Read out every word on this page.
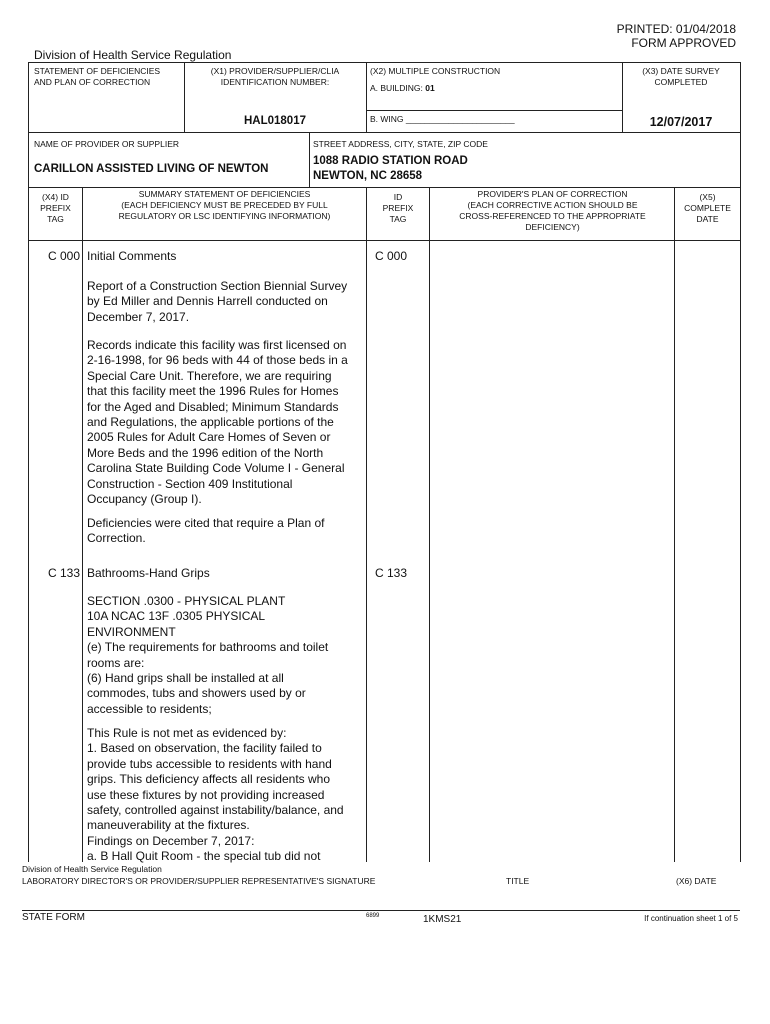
PRINTED: 01/04/2018
FORM APPROVED
Division of Health Service Regulation
STATEMENT OF DEFICIENCIES
AND PLAN OF CORRECTION
(X1) PROVIDER/SUPPLIER/CLIA
IDENTIFICATION NUMBER:
HAL018017
(X2) MULTIPLE CONSTRUCTION
A. BUILDING: 01
B. WING _______________________
(X3) DATE SURVEY
COMPLETED
12/07/2017
NAME OF PROVIDER OR SUPPLIER
CARILLON ASSISTED LIVING OF NEWTON
STREET ADDRESS, CITY, STATE, ZIP CODE
1088 RADIO STATION ROAD
NEWTON, NC 28658
(X4) ID
PREFIX
TAG
SUMMARY STATEMENT OF DEFICIENCIES
(EACH DEFICIENCY MUST BE PRECEDED BY FULL
REGULATORY OR LSC IDENTIFYING INFORMATION)
ID
PREFIX
TAG
PROVIDER'S PLAN OF CORRECTION
(EACH CORRECTIVE ACTION SHOULD BE
CROSS-REFERENCED TO THE APPROPRIATE
DEFICIENCY)
(X5)
COMPLETE
DATE
C 000	C 000
Initial Comments
Report of a Construction Section Biennial Survey
by Ed Miller and Dennis Harrell conducted on
December 7, 2017.
Records indicate this facility was first licensed on
2-16-1998, for 96 beds with 44 of those beds in a
Special Care Unit. Therefore, we are requiring
that this facility meet the 1996 Rules for Homes
for the Aged and Disabled; Minimum Standards
and Regulations, the applicable portions of the
2005 Rules for Adult Care Homes of Seven or
More Beds and the 1996 edition of the North
Carolina State Building Code Volume I - General
Construction - Section 409 Institutional
Occupancy (Group I).
Deficiencies were cited that require a Plan of
Correction.
C 133	C 133
Bathrooms-Hand Grips
SECTION .0300 - PHYSICAL PLANT
10A NCAC 13F .0305 PHYSICAL
ENVIRONMENT
(e) The requirements for bathrooms and toilet
rooms are:
(6) Hand grips shall be installed at all
commodes, tubs and showers used by or
accessible to residents;
This Rule is not met as evidenced by:
1. Based on observation, the facility failed to
provide tubs accessible to residents with hand
grips. This deficiency affects all residents who
use these fixtures by not providing increased
safety, controlled against instability/balance, and
maneuverability at the fixtures.
Findings on December 7, 2017:
a. B Hall Quit Room - the special tub did not
Division of Health Service Regulation
LABORATORY DIRECTOR'S OR PROVIDER/SUPPLIER REPRESENTATIVE'S SIGNATURE	TITLE	(X6) DATE
STATE FORM	6899	1KMS21	If continuation sheet 1 of 5
